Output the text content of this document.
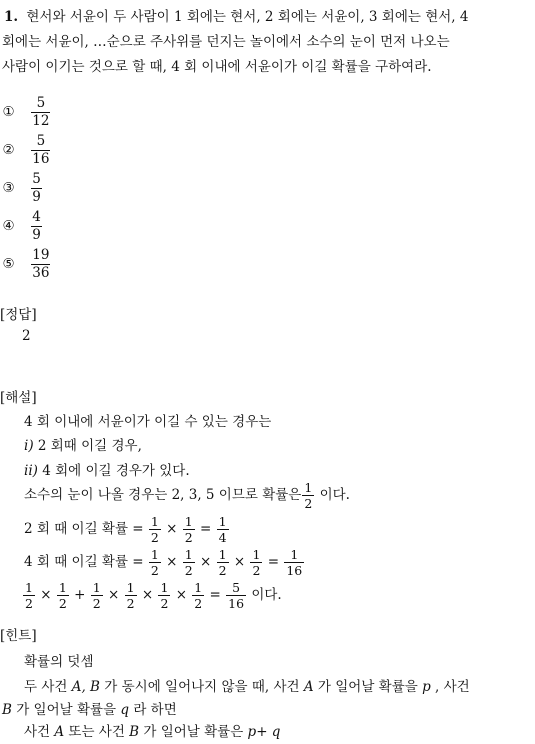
1. 현서와 서윤이 두 사람이 1 회에는 현서, 2 회에는 서윤이, 3 회에는 현서, 4
회에는 서윤이, …순으로 주사위를 던지는 놀이에서 소수의 눈이 먼저 나오는
사람이 이기는 것으로 할 때, 4 회 이내에 서윤이가 이길 확률을 구하여라.
① $\frac{5}{12}$
② $\frac{5}{16}$
③ $\frac{5}{9}$
④ $\frac{4}{9}$
⑤ $\frac{19}{36}$
[정답]
2
[해설]
4 회 이내에 서윤이가 이길 수 있는 경우는
i) 2 회때 이길 경우,
ii) 4 회에 이길 경우가 있다.
소수의 눈이 나올 경우는 2, 3, 5 이므로 확률은 $\frac{1}{2}$ 이다.
2 회 때 이길 확률 = $\frac{1}{2} \times \frac{1}{2} = \frac{1}{4}$
4 회 때 이길 확률 = $\frac{1}{2} \times \frac{1}{2} \times \frac{1}{2} \times \frac{1}{2} = \frac{1}{16}$
$\frac{1}{2} \times \frac{1}{2} + \frac{1}{2} \times \frac{1}{2} \times \frac{1}{2} \times \frac{1}{2} = \frac{5}{16}$ 이다.
[힌트]
확률의 덧셈
두 사건 A, B 가 동시에 일어나지 않을 때, 사건 A 가 일어날 확률을 p , 사건
B 가 일어날 확률을 q 라 하면
사건 A 또는 사건 B 가 일어날 확률은 p+ q
